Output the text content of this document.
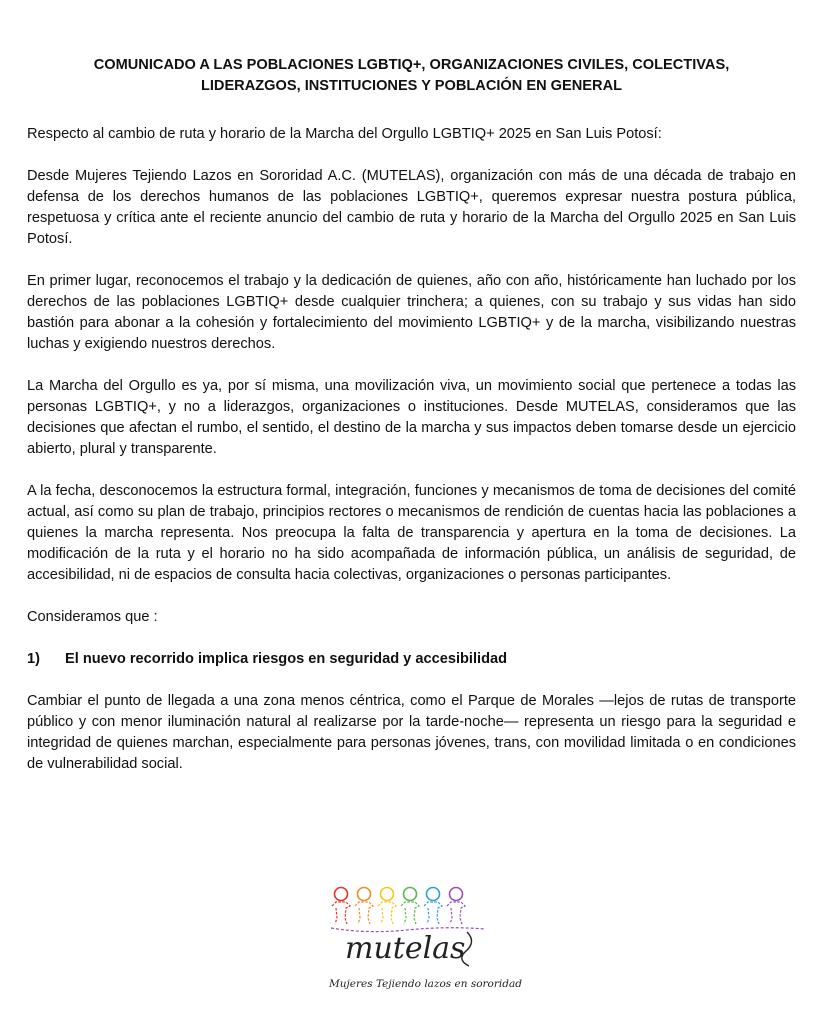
COMUNICADO A LAS POBLACIONES LGBTIQ+, ORGANIZACIONES CIVILES, COLECTIVAS,
LIDERAZGOS, INSTITUCIONES Y POBLACIÓN EN GENERAL

Respecto al cambio de ruta y horario de la Marcha del Orgullo LGBTIQ+ 2025 en San Luis Potosí:

Desde Mujeres Tejiendo Lazos en Sororidad A.C. (MUTELAS), organización con más de una década de trabajo en defensa de los derechos humanos de las poblaciones LGBTIQ+, queremos expresar nuestra postura pública, respetuosa y crítica ante el reciente anuncio del cambio de ruta y horario de la Marcha del Orgullo 2025 en San Luis Potosí.

En primer lugar, reconocemos el trabajo y la dedicación de quienes, año con año, históricamente han luchado por los derechos de las poblaciones LGBTIQ+ desde cualquier trinchera; a quienes, con su trabajo y sus vidas han sido bastión para abonar a la cohesión y fortalecimiento del movimiento LGBTIQ+ y de la marcha, visibilizando nuestras luchas y exigiendo nuestros derechos.

La Marcha del Orgullo es ya, por sí misma, una movilización viva, un movimiento social que pertenece a todas las personas LGBTIQ+, y no a liderazgos, organizaciones o instituciones. Desde MUTELAS, consideramos que las decisiones que afectan el rumbo, el sentido, el destino de la marcha y sus impactos deben tomarse desde un ejercicio abierto, plural y transparente.

A la fecha, desconocemos la estructura formal, integración, funciones y mecanismos de toma de decisiones del comité actual, así como su plan de trabajo, principios rectores o mecanismos de rendición de cuentas hacia las poblaciones a quienes la marcha representa. Nos preocupa la falta de transparencia y apertura en la toma de decisiones. La modificación de la ruta y el horario no ha sido acompañada de información pública, un análisis de seguridad, de accesibilidad, ni de espacios de consulta hacia colectivas, organizaciones o personas participantes.

Consideramos que :

1)	El nuevo recorrido implica riesgos en seguridad y accesibilidad

Cambiar el punto de llegada a una zona menos céntrica, como el Parque de Morales —lejos de rutas de transporte público y con menor iluminación natural al realizarse por la tarde-noche— representa un riesgo para la seguridad e integridad de quienes marchan, especialmente para personas jóvenes, trans, con movilidad limitada o en condiciones de vulnerabilidad social.

mutelas
Mujeres Tejiendo lazos en sororidad
